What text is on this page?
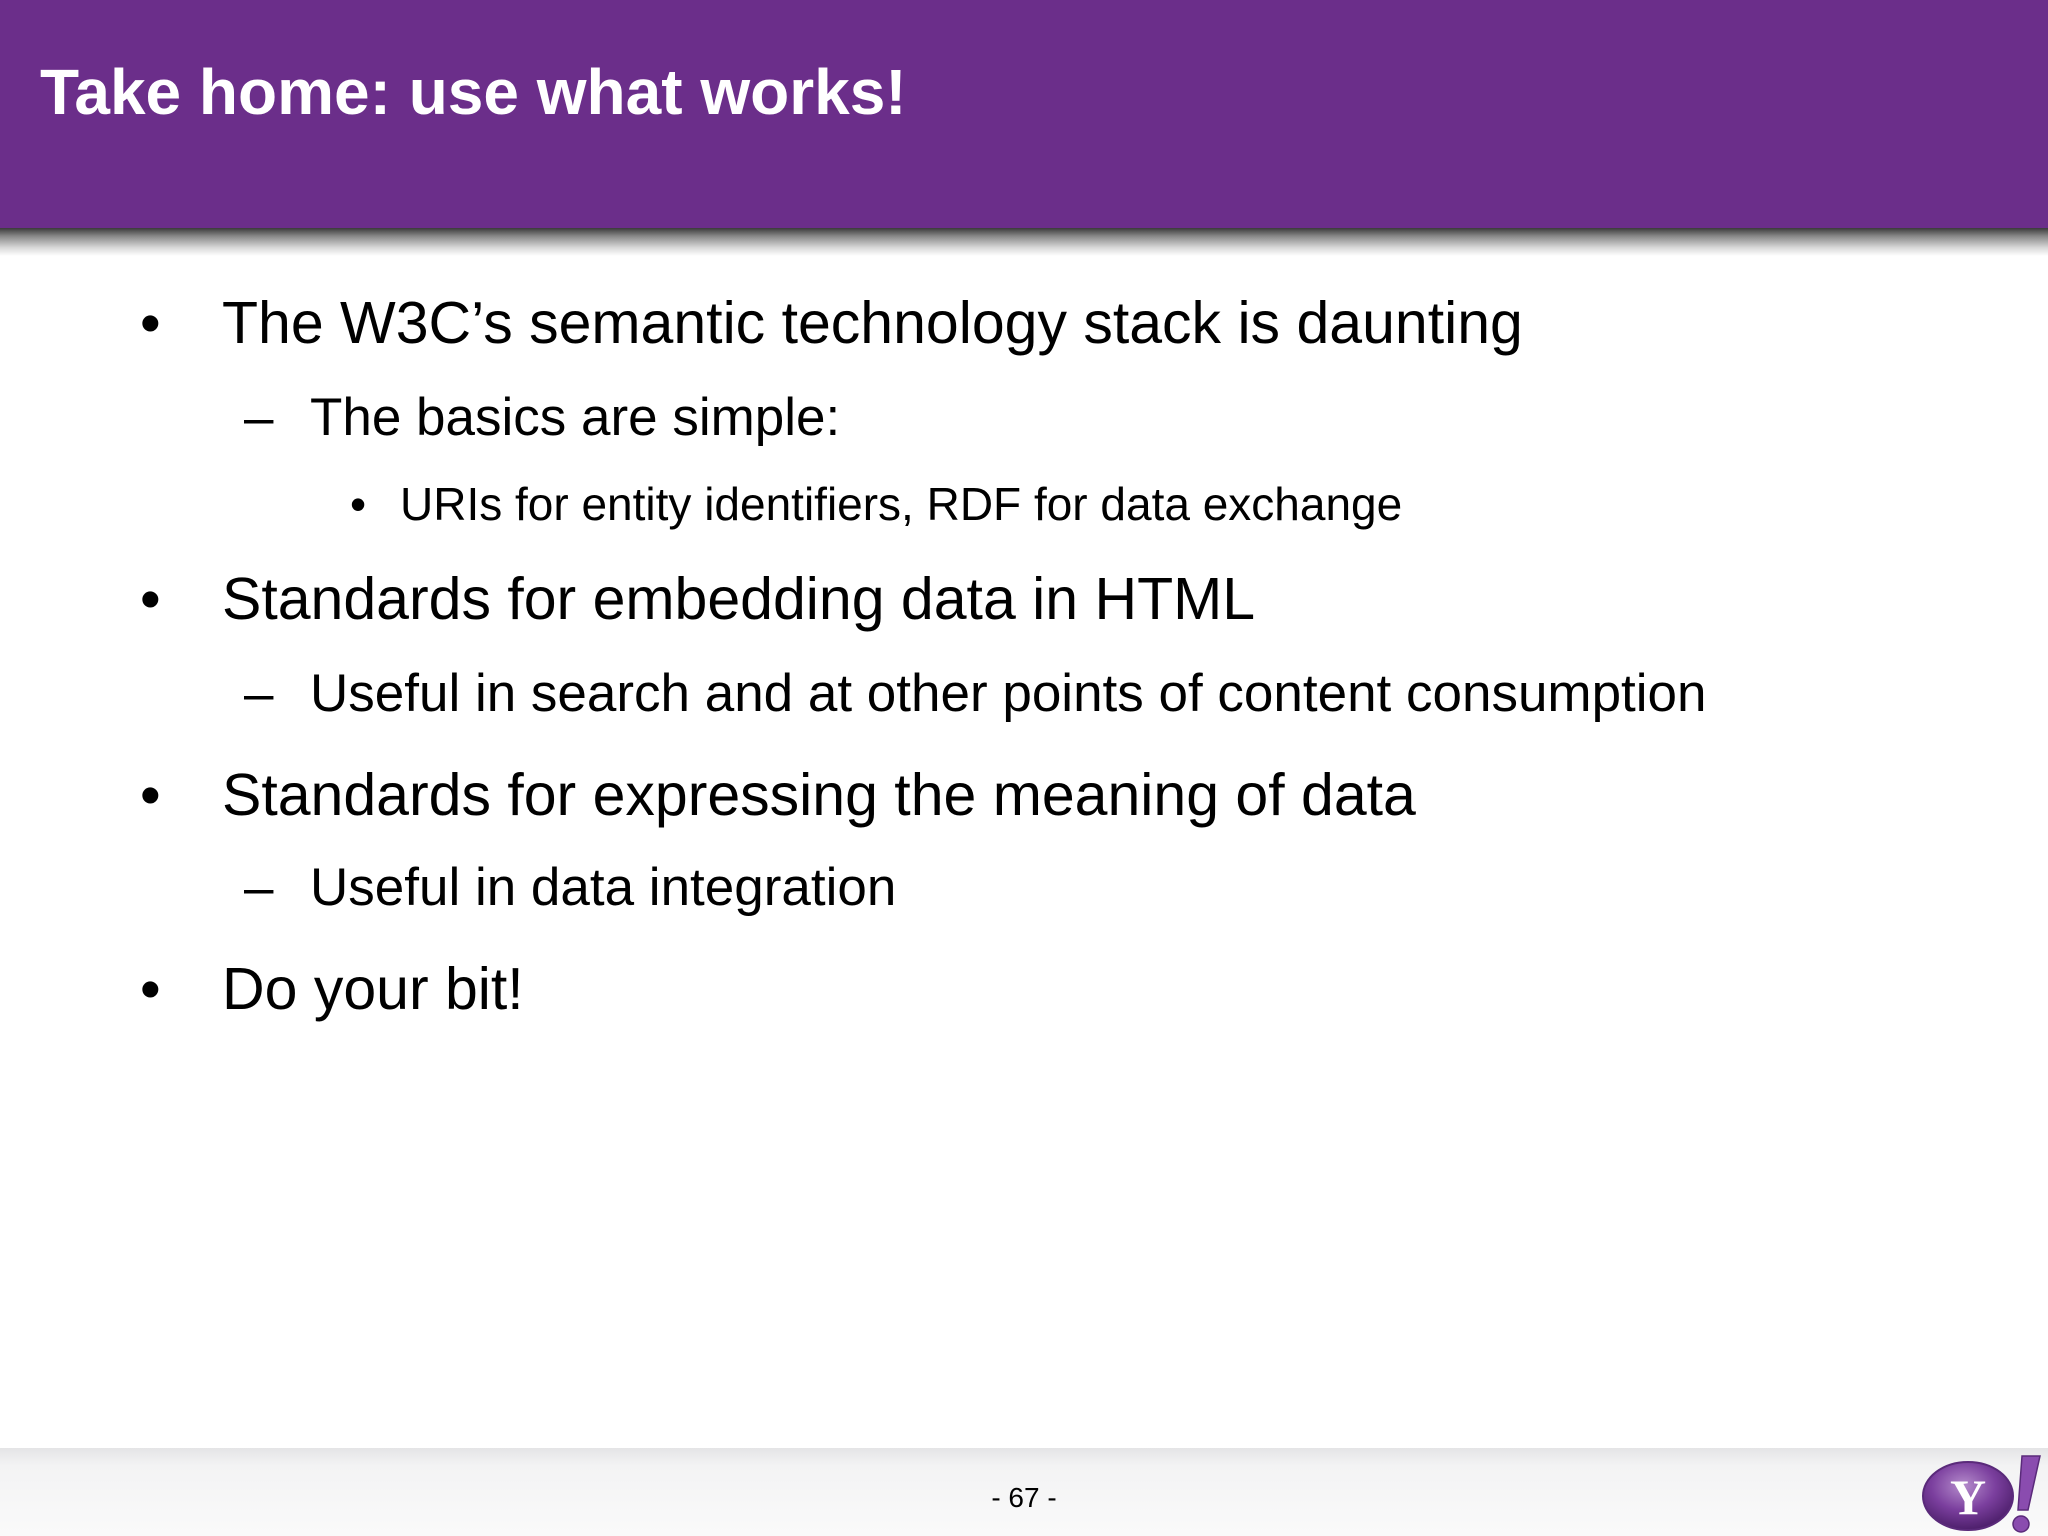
Take home: use what works!
• The W3C’s semantic technology stack is daunting
– The basics are simple:
• URIs for entity identifiers, RDF for data exchange
• Standards for embedding data in HTML
– Useful in search and at other points of content consumption
• Standards for expressing the meaning of data
– Useful in data integration
• Do your bit!
- 67 -	Y
